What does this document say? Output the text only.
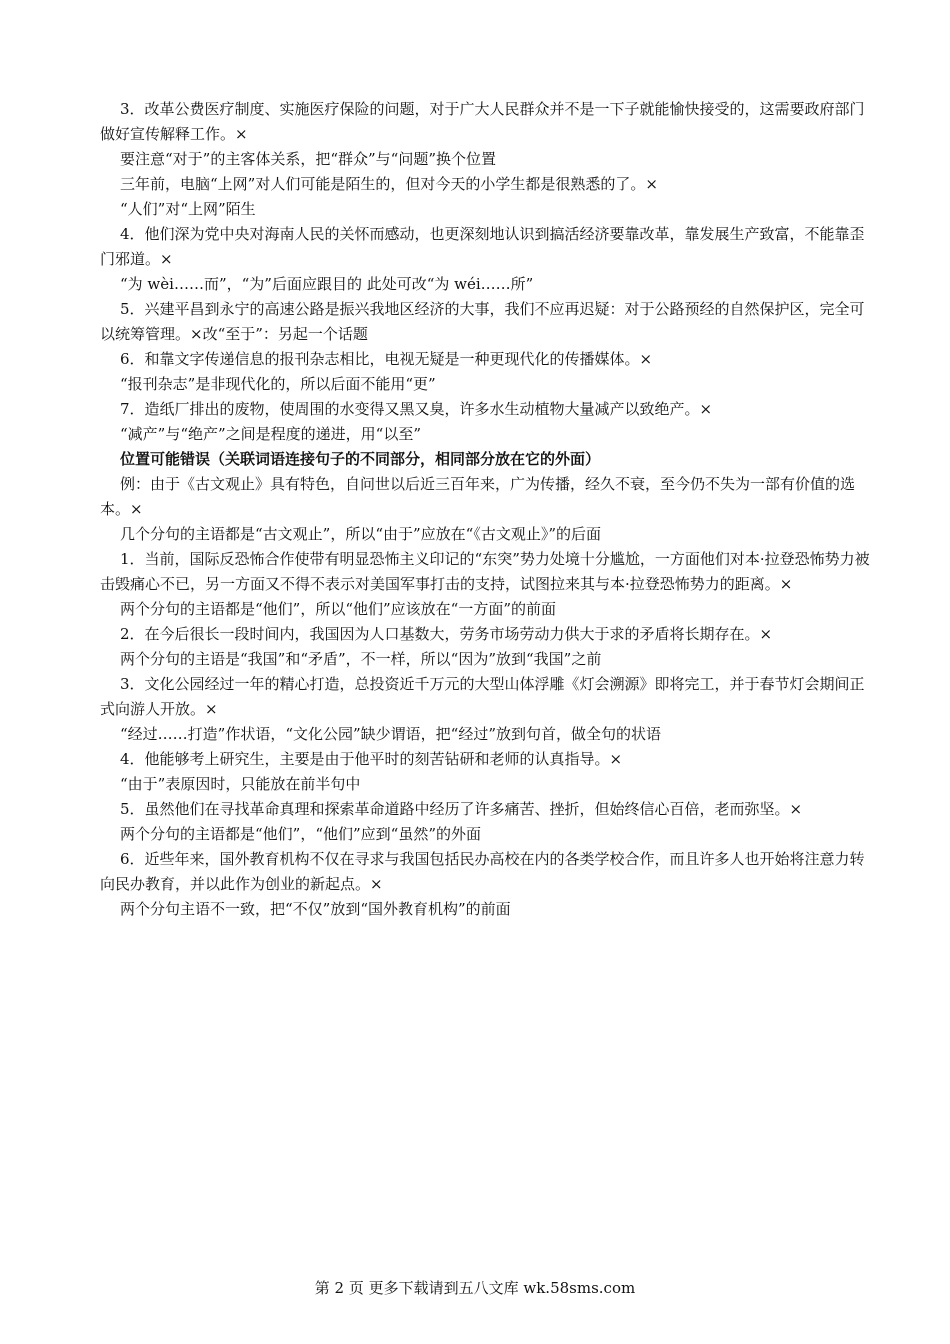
3．改革公费医疗制度、实施医疗保险的问题，对于广大人民群众并不是一下子就能愉快接受的，这需要政府部门做好宣传解释工作。×

要注意“对于”的主客体关系，把“群众”与“问题”换个位置

三年前，电脑“上网”对人们可能是陌生的，但对今天的小学生都是很熟悉的了。×

“人们”对“上网”陌生

4．他们深为党中央对海南人民的关怀而感动，也更深刻地认识到搞活经济要靠改革，靠发展生产致富，不能靠歪门邪道。×

“为 wèi……而”，“为”后面应跟目的 此处可改“为 wéi……所”

5．兴建平昌到永宁的高速公路是振兴我地区经济的大事，我们不应再迟疑：对于公路预经的自然保护区，完全可以统筹管理。×改“至于”：另起一个话题

6．和靠文字传递信息的报刊杂志相比，电视无疑是一种更现代化的传播媒体。×

“报刊杂志”是非现代化的，所以后面不能用“更”

7．造纸厂排出的废物，使周围的水变得又黑又臭，许多水生动植物大量减产以致绝产。×

“减产”与“绝产”之间是程度的递进，用“以至”

位置可能错误（关联词语连接句子的不同部分，相同部分放在它的外面）

例：由于《古文观止》具有特色，自问世以后近三百年来，广为传播，经久不衰，至今仍不失为一部有价值的选本。×

几个分句的主语都是“古文观止”，所以“由于”应放在“《古文观止》”的后面

1．当前，国际反恐怖合作使带有明显恐怖主义印记的“东突”势力处境十分尴尬，一方面他们对本·拉登恐怖势力被击毁痛心不已，另一方面又不得不表示对美国军事打击的支持，试图拉来其与本·拉登恐怖势力的距离。×

两个分句的主语都是“他们”，所以“他们”应该放在“一方面”的前面

2．在今后很长一段时间内，我国因为人口基数大，劳务市场劳动力供大于求的矛盾将长期存在。×

两个分句的主语是“我国”和“矛盾”，不一样，所以“因为”放到“我国”之前

3．文化公园经过一年的精心打造，总投资近千万元的大型山体浮雕《灯会溯源》即将完工，并于春节灯会期间正式向游人开放。×

“经过……打造”作状语，“文化公园”缺少谓语，把“经过”放到句首，做全句的状语

4．他能够考上研究生，主要是由于他平时的刻苦钻研和老师的认真指导。×

“由于”表原因时，只能放在前半句中

5．虽然他们在寻找革命真理和探索革命道路中经历了许多痛苦、挫折，但始终信心百倍，老而弥坚。×

两个分句的主语都是“他们”，“他们”应到“虽然”的外面

6．近些年来，国外教育机构不仅在寻求与我国包括民办高校在内的各类学校合作，而且许多人也开始将注意力转向民办教育，并以此作为创业的新起点。×

两个分句主语不一致，把“不仅”放到“国外教育机构”的前面

第 2 页 更多下载请到五八文库 wk.58sms.com
